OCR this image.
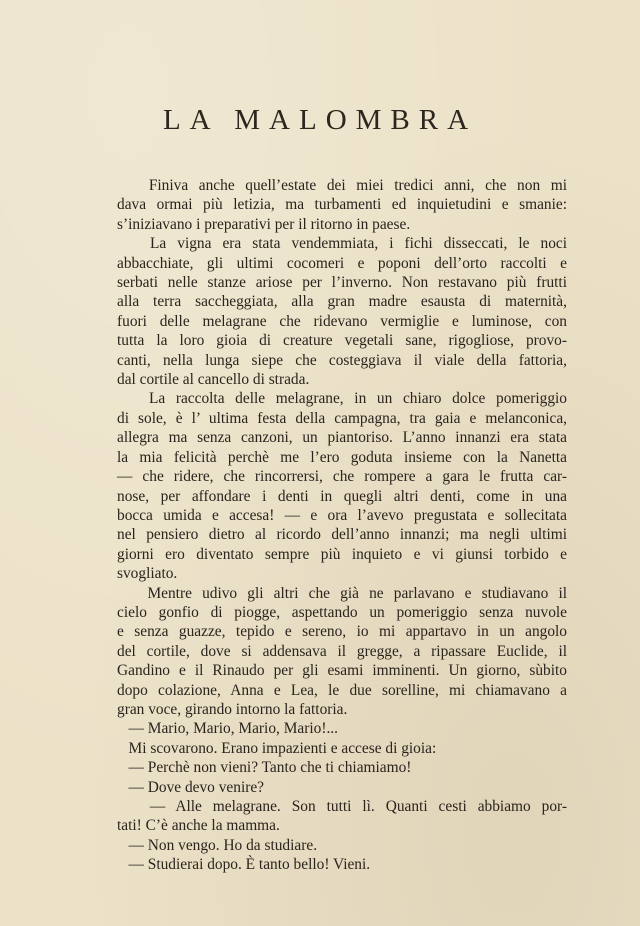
LA MALOMBRA

Finiva anche quell’estate dei miei tredici anni, che non mi

dava ormai più letizia, ma turbamenti ed inquietudini e smanie:

s’iniziavano i preparativi per il ritorno in paese.

La vigna era stata vendemmiata, i fichi disseccati, le noci

abbacchiate, gli ultimi cocomeri e poponi dell’orto raccolti e

serbati nelle stanze ariose per l’inverno. Non restavano più frutti

alla terra saccheggiata, alla gran madre esausta di maternità,

fuori delle melagrane che ridevano vermiglie e luminose, con

tutta la loro gioia di creature vegetali sane, rigogliose, provo-

canti, nella lunga siepe che costeggiava il viale della fattoria,

dal cortile al cancello di strada.

La raccolta delle melagrane, in un chiaro dolce pomeriggio

di sole, è l’ ultima festa della campagna, tra gaia e melanconica,

allegra ma senza canzoni, un piantoriso. L’anno innanzi era stata

la mia felicità perchè me l’ero goduta insieme con la Nanetta

— che ridere, che rincorrersi, che rompere a gara le frutta car-

nose, per affondare i denti in quegli altri denti, come in una

bocca umida e accesa! — e ora l’avevo pregustata e sollecitata

nel pensiero dietro al ricordo dell’anno innanzi; ma negli ultimi

giorni ero diventato sempre più inquieto e vi giunsi torbido e

svogliato.

Mentre udivo gli altri che già ne parlavano e studiavano il

cielo gonfio di piogge, aspettando un pomeriggio senza nuvole

e senza guazze, tepido e sereno, io mi appartavo in un angolo

del cortile, dove si addensava il gregge, a ripassare Euclide, il

Gandino e il Rinaudo per gli esami imminenti. Un giorno, sùbito

dopo colazione, Anna e Lea, le due sorelline, mi chiamavano a

gran voce, girando intorno la fattoria.

— Mario, Mario, Mario, Mario!...

Mi scovarono. Erano impazienti e accese di gioia:

— Perchè non vieni? Tanto che ti chiamiamo!

— Dove devo venire?

— Alle melagrane. Son tutti lì. Quanti cesti abbiamo por-

tati! C’è anche la mamma.

— Non vengo. Ho da studiare.

— Studierai dopo. È tanto bello! Vieni.
